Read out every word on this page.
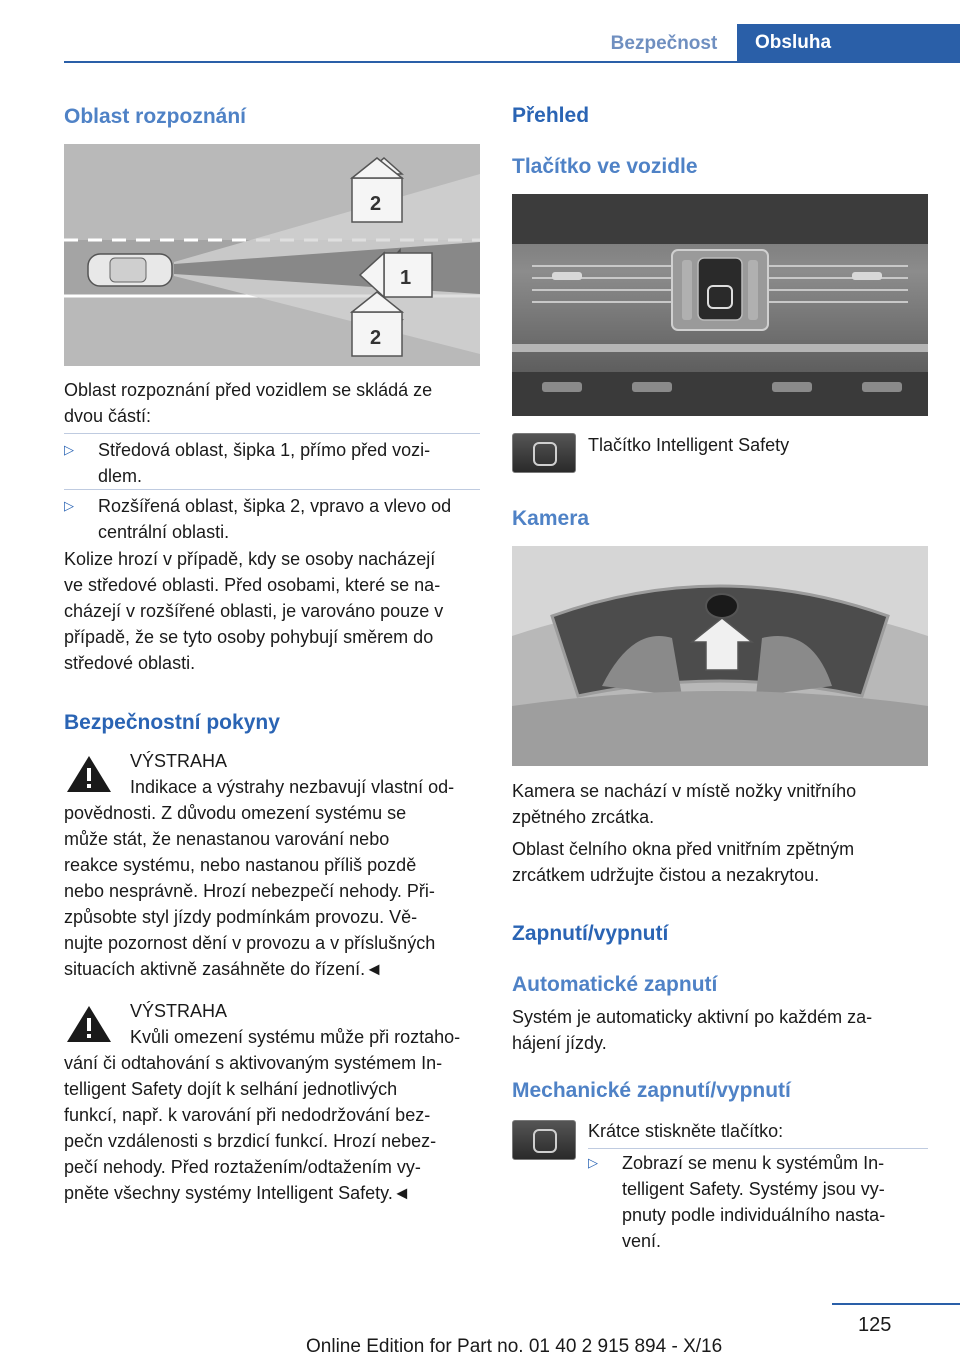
Bezpečnost	Obsluha
Oblast rozpoznání
2
1
2
Oblast rozpoznání před vozidlem se skládá ze
dvou částí:
▷ Středová oblast, šipka 1, přímo před vozi-
dlem.
▷ Rozšířená oblast, šipka 2, vpravo a vlevo od
centrální oblasti.
Kolize hrozí v případě, kdy se osoby nacházejí
ve středové oblasti. Před osobami, které se na-
cházejí v rozšířené oblasti, je varováno pouze v
případě, že se tyto osoby pohybují směrem do
středové oblasti.
Bezpečnostní pokyny
VÝSTRAHA
Indikace a výstrahy nezbavují vlastní od-
povědnosti. Z důvodu omezení systému se
může stát, že nenastanou varování nebo
reakce systému, nebo nastanou příliš pozdě
nebo nesprávně. Hrozí nebezpečí nehody. Při-
způsobte styl jízdy podmínkám provozu. Vě-
nujte pozornost dění v provozu a v příslušných
situacích aktivně zasáhněte do řízení.◄
VÝSTRAHA
Kvůli omezení systému může při roztaho-
vání či odtahování s aktivovaným systémem In-
telligent Safety dojít k selhání jednotlivých
funkcí, např. k varování při nedodržování bez-
pečn vzdálenosti s brzdicí funkcí. Hrozí nebez-
pečí nehody. Před roztažením/odtažením vy-
pněte všechny systémy Intelligent Safety.◄
Přehled
Tlačítko ve vozidle
Tlačítko Intelligent Safety
Kamera
Kamera se nachází v místě nožky vnitřního
zpětného zrcátka.
Oblast čelního okna před vnitřním zpětným
zrcátkem udržujte čistou a nezakrytou.
Zapnutí/vypnutí
Automatické zapnutí
Systém je automaticky aktivní po každém za-
hájení jízdy.
Mechanické zapnutí/vypnutí
Krátce stiskněte tlačítko:
▷ Zobrazí se menu k systémům In-
telligent Safety. Systémy jsou vy-
pnuty podle individuálního nasta-
vení.
125
Online Edition for Part no. 01 40 2 915 894 - X/16
